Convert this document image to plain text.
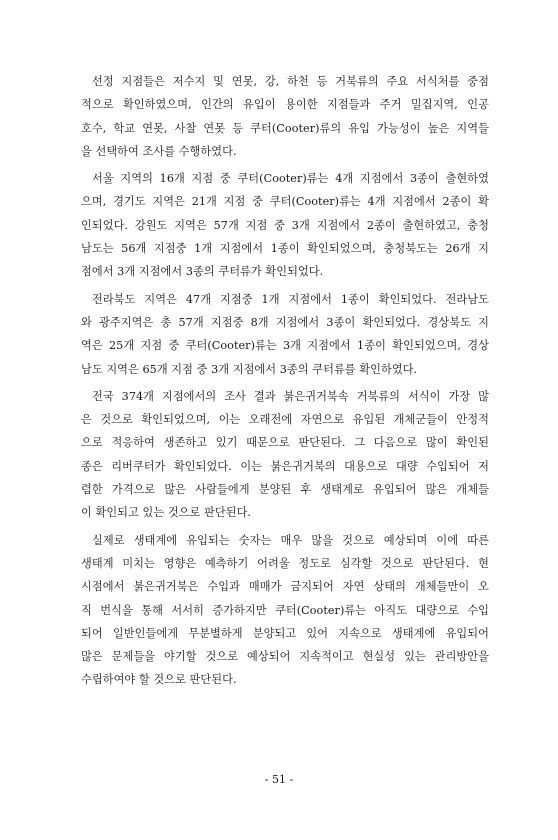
선정 지점들은 저수지 및 연못, 강, 하천 등 거북류의 주요 서식처를 중점
적으로 확인하였으며, 인간의 유입이 용이한 지점들과 주거 밀집지역, 인공
호수, 학교 연못, 사찰 연못 등 쿠터(Cooter)류의 유입 가능성이 높은 지역들
을 선택하여 조사를 수행하였다.

서울 지역의 16개 지점 중 쿠터(Cooter)류는 4개 지점에서 3종이 출현하였
으며, 경기도 지역은 21개 지점 중 쿠터(Cooter)류는 4개 지점에서 2종이 확
인되었다. 강원도 지역은 57개 지점 중 3개 지점에서 2종이 출현하였고, 충청
남도는 56개 지점중 1개 지점에서 1종이 확인되었으며, 충청북도는 26개 지
점에서 3개 지점에서 3종의 쿠터류가 확인되었다.

전라북도 지역은 47개 지점중 1개 지점에서 1종이 확인되었다. 전라남도
와 광주지역은 총 57개 지점중 8개 지점에서 3종이 확인되었다. 경상북도 지
역은 25개 지점 중 쿠터(Cooter)류는 3개 지점에서 1종이 확인되었으며, 경상
남도 지역은 65개 지점 중 3개 지점에서 3종의 쿠터류를 확인하였다.

전국 374개 지점에서의 조사 결과 붉은귀거북속 거북류의 서식이 가장 많
은 것으로 확인되었으며, 이는 오래전에 자연으로 유입된 개체군들이 안정적
으로 적응하여 생존하고 있기 때문으로 판단된다. 그 다음으로 많이 확인된
종은 리버쿠터가 확인되었다. 이는 붉은귀거북의 대용으로 대량 수입되어 저
렴한 가격으로 많은 사람들에게 분양된 후 생태계로 유입되어 많은 개체들
이 확인되고 있는 것으로 판단된다.

실제로 생태계에 유입되는 숫자는 매우 많을 것으로 예상되며 이에 따른
생태계 미치는 영향은 예측하기 어려울 정도로 심각할 것으로 판단된다. 현
시점에서 붉은귀거북은 수입과 매매가 금지되어 자연 상태의 개체들만이 오
직 번식을 통해 서서히 증가하지만 쿠터(Cooter)류는 아직도 대량으로 수입
되어 일반인들에게 무분별하게 분양되고 있어 지속으로 생태계에 유입되어
많은 문제들을 야기할 것으로 예상되어 지속적이고 현실성 있는 관리방안을
수립하여야 할 것으로 판단된다.

- 51 -
